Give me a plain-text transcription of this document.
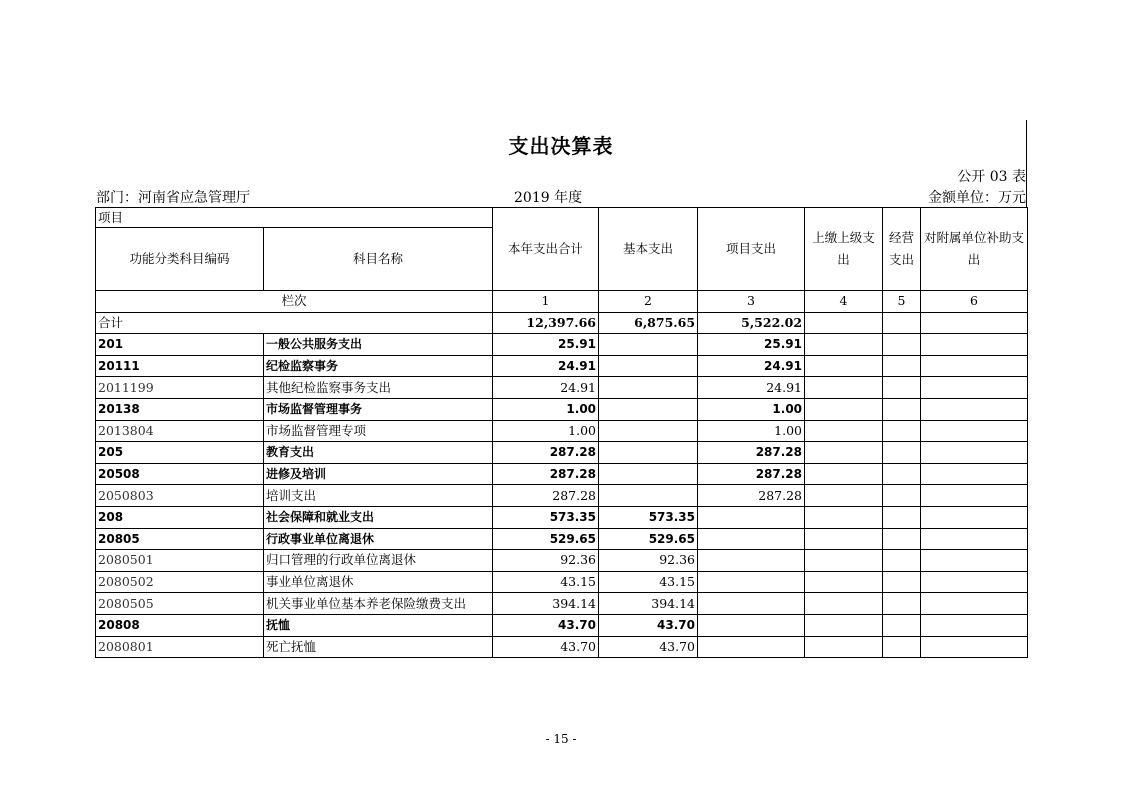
支出决算表
公开 03 表
部门：河南省应急管理厅	2019 年度	金额单位：万元
项目		本年支出合计	基本支出	项目支出	上缴上级支出	经营支出	对附属单位补助支出
功能分类科目编码	科目名称						
栏次		1	2	3	4	5	6
合计		12,397.66	6,875.65	5,522.02			
201	一般公共服务支出	25.91		25.91			
20111	纪检监察事务	24.91		24.91			
2011199	其他纪检监察事务支出	24.91		24.91			
20138	市场监督管理事务	1.00		1.00			
2013804	市场监督管理专项	1.00		1.00			
205	教育支出	287.28		287.28			
20508	进修及培训	287.28		287.28			
2050803	培训支出	287.28		287.28			
208	社会保障和就业支出	573.35	573.35				
20805	行政事业单位离退休	529.65	529.65				
2080501	归口管理的行政单位离退休	92.36	92.36				
2080502	事业单位离退休	43.15	43.15				
2080505	机关事业单位基本养老保险缴费支出	394.14	394.14				
20808	抚恤	43.70	43.70				
2080801	死亡抚恤	43.70	43.70				
- 15 -
